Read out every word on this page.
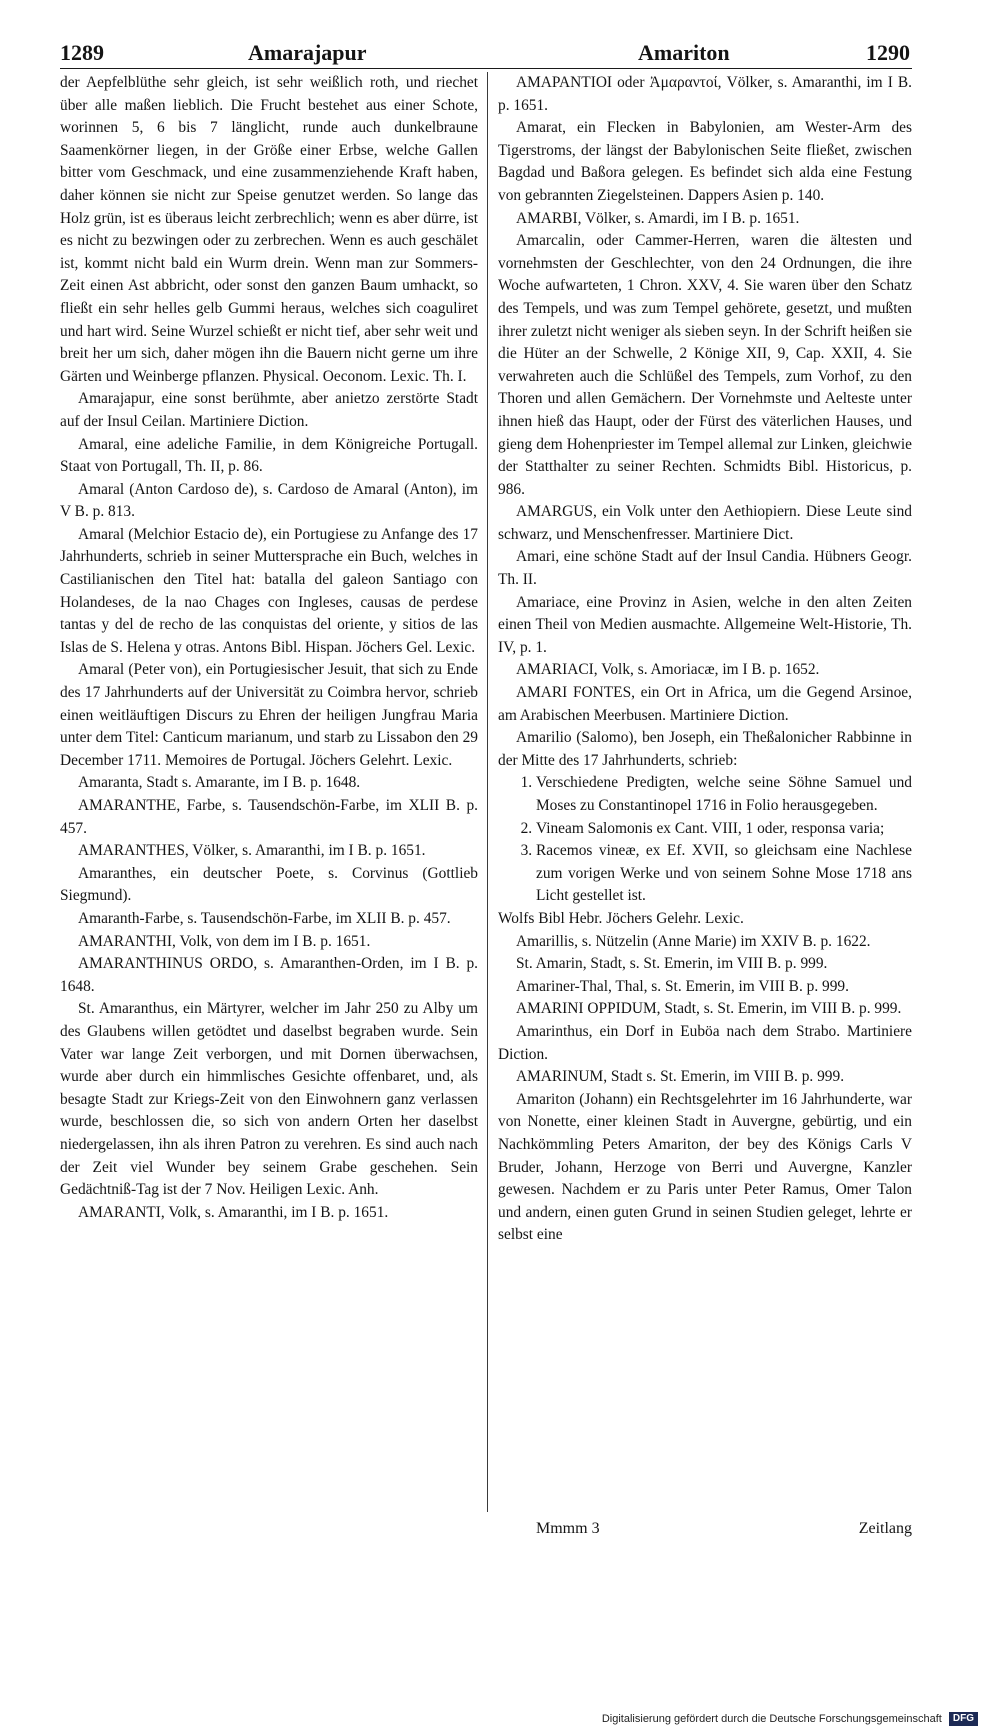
1289	Amarajapur	Amariton	1290

der Aepfelblüthe sehr gleich, ist sehr weißlich roth, und riechet über alle maßen lieblich. Die Frucht bestehet aus einer Schote, worinnen 5, 6 bis 7 länglicht, runde auch dunkelbraune Saamenkörner liegen, in der Größe einer Erbse, welche Gallen bitter vom Geschmack, und eine zusammenziehende Kraft haben, daher können sie nicht zur Speise genutzet werden. So lange das Holz grün, ist es überaus leicht zerbrechlich; wenn es aber dürre, ist es nicht zu bezwingen oder zu zerbrechen. Wenn es auch geschälet ist, kommt nicht bald ein Wurm drein. Wenn man zur Sommers-Zeit einen Ast abbricht, oder sonst den ganzen Baum umhackt, so fließt ein sehr helles gelb Gummi heraus, welches sich coaguliret und hart wird. Seine Wurzel schießt er nicht tief, aber sehr weit und breit her um sich, daher mögen ihn die Bauern nicht gerne um ihre Gärten und Weinberge pflanzen. Physical. Oeconom. Lexic. Th. I.

Amarajapur, eine sonst berühmte, aber anietzo zerstörte Stadt auf der Insul Ceilan. Martiniere Diction.

Amaral, eine adeliche Familie, in dem Königreiche Portugall. Staat von Portugall, Th. II, p. 86.

Amaral (Anton Cardoso de), s. Cardoso de Amaral (Anton), im V B. p. 813.

Amaral (Melchior Estacio de), ein Portugiese zu Anfange des 17 Jahrhunderts, schrieb in seiner Muttersprache ein Buch, welches in Castilianischen den Titel hat: batalla del galeon Santiago con Holandeses, de la nao Chages con Ingleses, causas de perdese tantas y del de recho de las conquistas del oriente, y sitios de las Islas de S. Helena y otras. Antons Bibl. Hispan. Jöchers Gel. Lexic.

Amaral (Peter von), ein Portugiesischer Jesuit, that sich zu Ende des 17 Jahrhunderts auf der Universität zu Coimbra hervor, schrieb einen weitläuftigen Discurs zu Ehren der heiligen Jungfrau Maria unter dem Titel: Canticum marianum, und starb zu Lissabon den 29 December 1711. Memoires de Portugal. Jöchers Gelehrt. Lexic.

Amaranta, Stadt s. Amarante, im I B. p. 1648.

AMARANTHE, Farbe, s. Tausendschön-Farbe, im XLII B. p. 457.

AMARANTHES, Völker, s. Amaranthi, im I B. p. 1651.

Amaranthes, ein deutscher Poete, s. Corvinus (Gottlieb Siegmund).

Amaranth-Farbe, s. Tausendschön-Farbe, im XLII B. p. 457.

AMARANTHI, Volk, von dem im I B. p. 1651.

AMARANTHINUS ORDO, s. Amaranthen-Orden, im I B. p. 1648.

St. Amaranthus, ein Märtyrer, welcher im Jahr 250 zu Alby um des Glaubens willen getödtet und daselbst begraben wurde. Sein Vater war lange Zeit verborgen, und mit Dornen überwachsen, wurde aber durch ein himmlisches Gesichte offenbaret, und, als besagte Stadt zur Kriegs-Zeit von den Einwohnern ganz verlassen wurde, beschlossen die, so sich von andern Orten her daselbst niedergelassen, ihn als ihren Patron zu verehren. Es sind auch nach der Zeit viel Wunder bey seinem Grabe geschehen. Sein Gedächtniß-Tag ist der 7 Nov. Heiligen Lexic. Anh.

AMARANTI, Volk, s. Amaranthi, im I B. p. 1651.

AMAPANTIOI oder Ἀμαραντοί, Völker, s. Amaranthi, im I B. p. 1651.

Amarat, ein Flecken in Babylonien, am Wester-Arm des Tigerstroms, der längst der Babylonischen Seite fließet, zwischen Bagdad und Baßora gelegen. Es befindet sich alda eine Festung von gebrannten Ziegelsteinen. Dappers Asien p. 140.

AMARBI, Völker, s. Amardi, im I B. p. 1651.

Amarcalin, oder Cammer-Herren, waren die ältesten und vornehmsten der Geschlechter, von den 24 Ordnungen, die ihre Woche aufwarteten, 1 Chron. XXV, 4. Sie waren über den Schatz des Tempels, und was zum Tempel gehörete, gesetzt, und mußten ihrer zuletzt nicht weniger als sieben seyn. In der Schrift heißen sie die Hüter an der Schwelle, 2 Könige XII, 9, Cap. XXII, 4. Sie verwahreten auch die Schlüßel des Tempels, zum Vorhof, zu den Thoren und allen Gemächern. Der Vornehmste und Aelteste unter ihnen hieß das Haupt, oder der Fürst des väterlichen Hauses, und gieng dem Hohenpriester im Tempel allemal zur Linken, gleichwie der Statthalter zu seiner Rechten. Schmidts Bibl. Historicus, p. 986.

AMARGUS, ein Volk unter den Aethiopiern. Diese Leute sind schwarz, und Menschenfresser. Martiniere Dict.

Amari, eine schöne Stadt auf der Insul Candia. Hübners Geogr. Th. II.

Amariace, eine Provinz in Asien, welche in den alten Zeiten einen Theil von Medien ausmachte. Allgemeine Welt-Historie, Th. IV, p. 1.

AMARIACI, Volk, s. Amoriacæ, im I B. p. 1652.

AMARI FONTES, ein Ort in Africa, um die Gegend Arsinoe, am Arabischen Meerbusen. Martiniere Diction.

Amarilio (Salomo), ben Joseph, ein Theßalonicher Rabbinne in der Mitte des 17 Jahrhunderts, schrieb:

1. Verschiedene Predigten, welche seine Söhne Samuel und Moses zu Constantinopel 1716 in Folio herausgegeben.
2. Vineam Salomonis ex Cant. VIII, 1 oder, responsa varia;
3. Racemos vineæ, ex Ef. XVII, so gleichsam eine Nachlese zum vorigen Werke und von seinem Sohne Mose 1718 ans Licht gestellet ist.

Wolfs Bibl Hebr. Jöchers Gelehr. Lexic.

Amarillis, s. Nützelin (Anne Marie) im XXIV B. p. 1622.

St. Amarin, Stadt, s. St. Emerin, im VIII B. p. 999.

Amariner-Thal, Thal, s. St. Emerin, im VIII B. p. 999.

AMARINI OPPIDUM, Stadt, s. St. Emerin, im VIII B. p. 999.

Amarinthus, ein Dorf in Euböa nach dem Strabo. Martiniere Diction.

AMARINUM, Stadt s. St. Emerin, im VIII B. p. 999.

Amariton (Johann) ein Rechtsgelehrter im 16 Jahrhunderte, war von Nonette, einer kleinen Stadt in Auvergne, gebürtig, und ein Nachkömmling Peters Amariton, der bey des Königs Carls V Bruder, Johann, Herzoge von Berri und Auvergne, Kanzler gewesen. Nachdem er zu Paris unter Peter Ramus, Omer Talon und andern, einen guten Grund in seinen Studien geleget, lehrte er selbst eine

Mmmm 3	Zeitlang
Digitalisierung gefördert durch die Deutsche Forschungsgemeinschaft DFG
